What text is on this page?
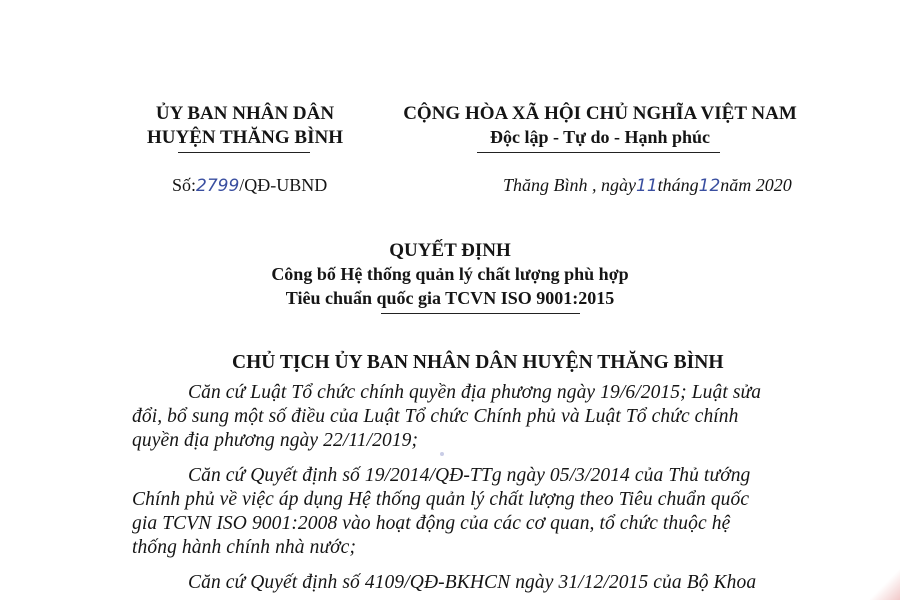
ỦY BAN NHÂN DÂN
HUYỆN THĂNG BÌNH
CỘNG HÒA XÃ HỘI CHỦ NGHĨA VIỆT NAM
Độc lập - Tự do - Hạnh phúc
Số:2799/QĐ-UBND	Thăng Bình , ngày11tháng12năm 2020
QUYẾT ĐỊNH
Công bố Hệ thống quản lý chất lượng phù hợp
Tiêu chuẩn quốc gia TCVN ISO 9001:2015
CHỦ TỊCH ỦY BAN NHÂN DÂN HUYỆN THĂNG BÌNH
Căn cứ Luật Tổ chức chính quyền địa phương ngày 19/6/2015; Luật sửa
đổi, bổ sung một số điều của Luật Tổ chức Chính phủ và Luật Tổ chức chính
quyền địa phương ngày 22/11/2019;
Căn cứ Quyết định số 19/2014/QĐ-TTg ngày 05/3/2014 của Thủ tướng
Chính phủ về việc áp dụng Hệ thống quản lý chất lượng theo Tiêu chuẩn quốc
gia TCVN ISO 9001:2008 vào hoạt động của các cơ quan, tổ chức thuộc hệ
thống hành chính nhà nước;
Căn cứ Quyết định số 4109/QĐ-BKHCN ngày 31/12/2015 của Bộ Khoa
